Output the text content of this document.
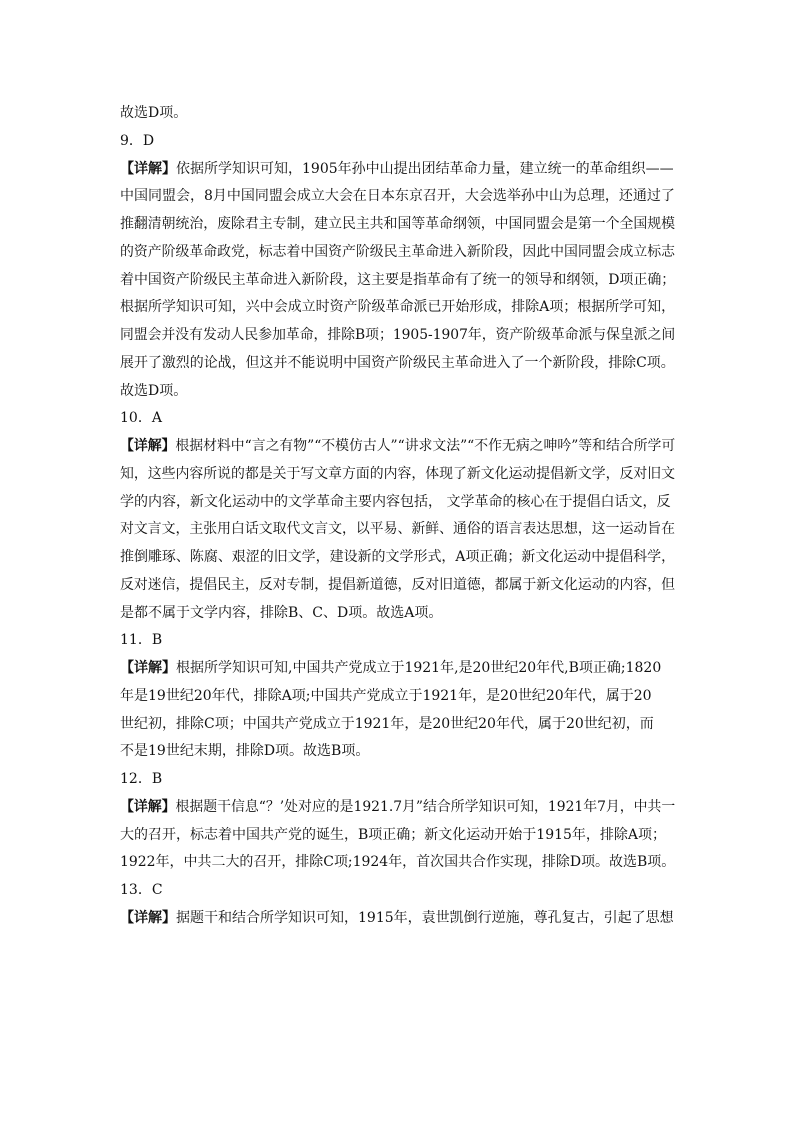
故选D项。
9．D
【详解】依据所学知识可知，1905年孙中山提出团结革命力量，建立统一的革命组织——
中国同盟会，8月中国同盟会成立大会在日本东京召开，大会选举孙中山为总理，还通过了
推翻清朝统治，废除君主专制，建立民主共和国等革命纲领，中国同盟会是第一个全国规模
的资产阶级革命政党，标志着中国资产阶级民主革命进入新阶段，因此中国同盟会成立标志
着中国资产阶级民主革命进入新阶段，这主要是指革命有了统一的领导和纲领，D项正确；
根据所学知识可知，兴中会成立时资产阶级革命派已开始形成，排除A项；根据所学可知，
同盟会并没有发动人民参加革命，排除B项；1905-1907年，资产阶级革命派与保皇派之间
展开了激烈的论战，但这并不能说明中国资产阶级民主革命进入了一个新阶段，排除C项。
故选D项。
10．A
【详解】根据材料中“言之有物”“不模仿古人”“讲求文法”“不作无病之呻吟”等和结合所学可
知，这些内容所说的都是关于写文章方面的内容，体现了新文化运动提倡新文学，反对旧文
学的内容，新文化运动中的文学革命主要内容包括， 文学革命的核心在于提倡白话文，反
对文言文，主张用白话文取代文言文，以平易、新鲜、通俗的语言表达思想，这一运动旨在
推倒雕琢、陈腐、艰涩的旧文学，建设新的文学形式，A项正确；新文化运动中提倡科学，
反对迷信，提倡民主，反对专制，提倡新道德，反对旧道德，都属于新文化运动的内容，但
是都不属于文学内容，排除B、C、D项。故选A项。
11．B
【详解】根据所学知识可知,中国共产党成立于1921年,是20世纪20年代,B项正确;1820
年是19世纪20年代，排除A项;中国共产党成立于1921年，是20世纪20年代，属于20
世纪初，排除C项；中国共产党成立于1921年，是20世纪20年代，属于20世纪初，而
不是19世纪末期，排除D项。故选B项。
12．B
【详解】根据题干信息“？’处对应的是1921.7月”结合所学知识可知，1921年7月，中共一
大的召开，标志着中国共产党的诞生，B项正确；新文化运动开始于1915年，排除A项；
1922年，中共二大的召开，排除C项;1924年，首次国共合作实现，排除D项。故选B项。
13．C
【详解】据题干和结合所学知识可知，1915年，袁世凯倒行逆施，尊孔复古，引起了思想
